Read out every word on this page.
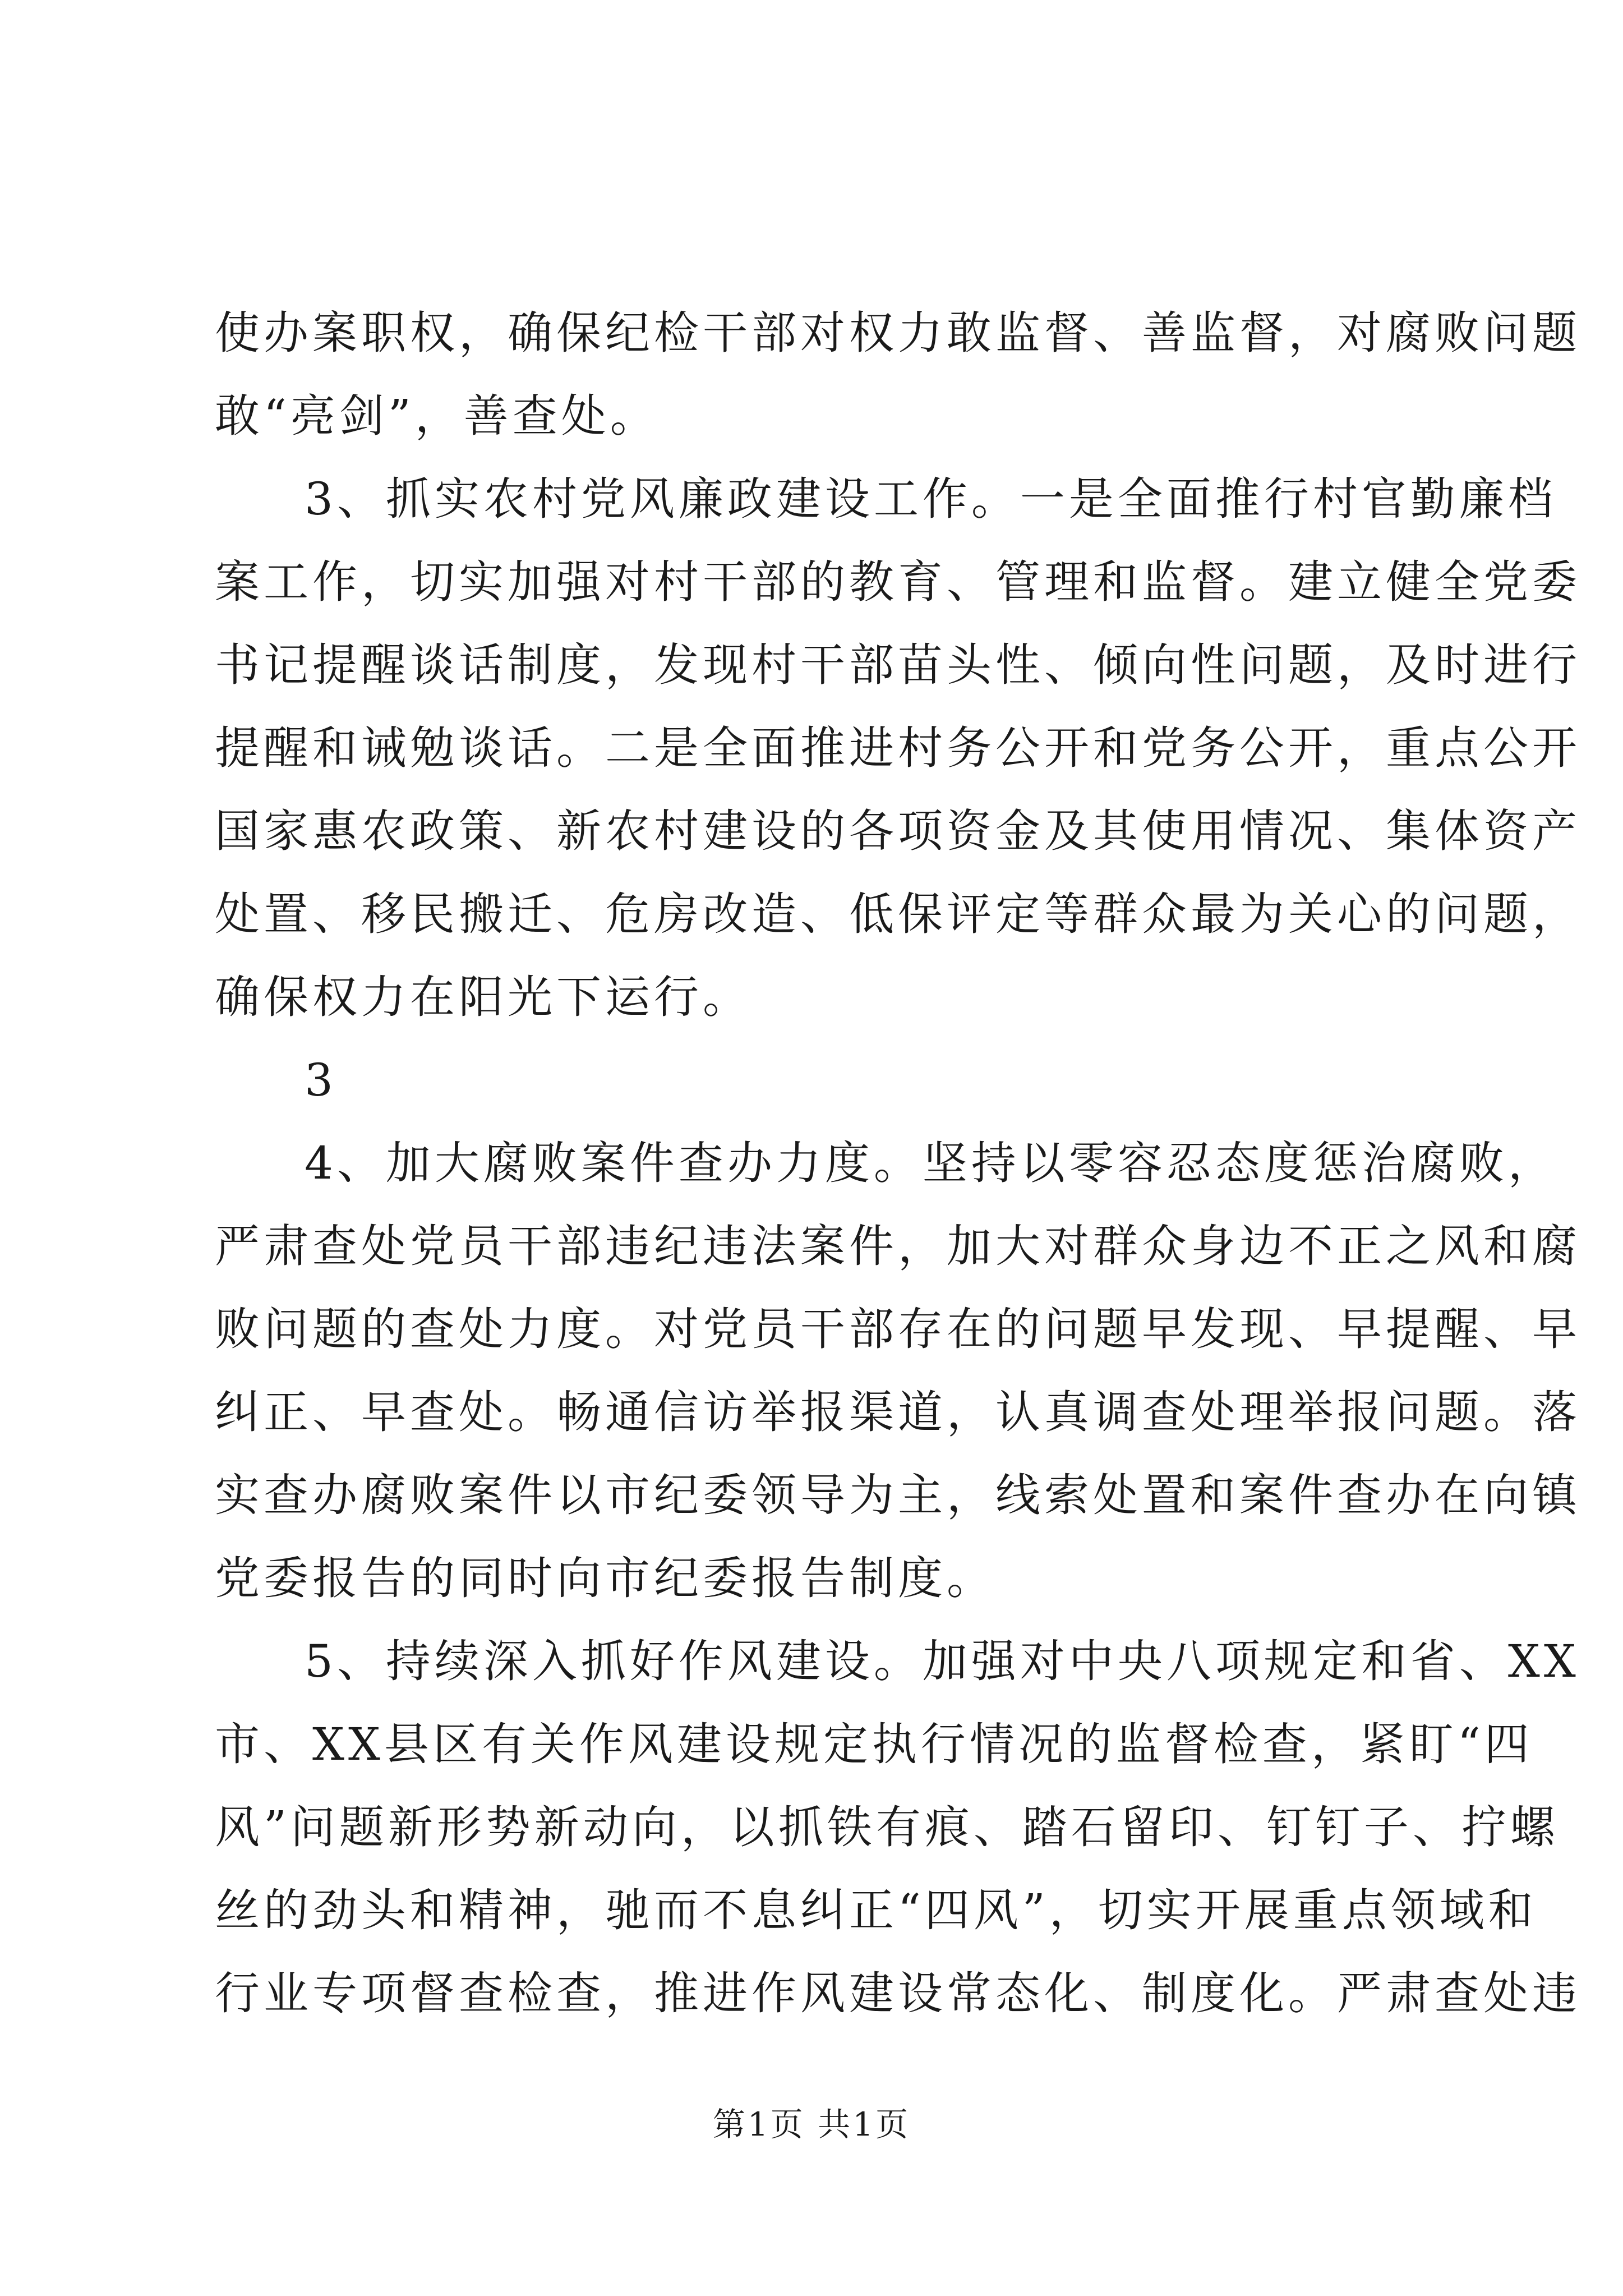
使办案职权，确保纪检干部对权力敢监督、善监督，对腐败问题
敢“亮剑”，善查处。
3、抓实农村党风廉政建设工作。一是全面推行村官勤廉档
案工作，切实加强对村干部的教育、管理和监督。建立健全党委
书记提醒谈话制度，发现村干部苗头性、倾向性问题，及时进行
提醒和诫勉谈话。二是全面推进村务公开和党务公开，重点公开
国家惠农政策、新农村建设的各项资金及其使用情况、集体资产
处置、移民搬迁、危房改造、低保评定等群众最为关心的问题，
确保权力在阳光下运行。
3
4、加大腐败案件查办力度。坚持以零容忍态度惩治腐败，
严肃查处党员干部违纪违法案件，加大对群众身边不正之风和腐
败问题的查处力度。对党员干部存在的问题早发现、早提醒、早
纠正、早查处。畅通信访举报渠道，认真调查处理举报问题。落
实查办腐败案件以市纪委领导为主，线索处置和案件查办在向镇
党委报告的同时向市纪委报告制度。
5、持续深入抓好作风建设。加强对中央八项规定和省、XX
市、XX县区有关作风建设规定执行情况的监督检查，紧盯“四
风”问题新形势新动向，以抓铁有痕、踏石留印、钉钉子、拧螺
丝的劲头和精神，驰而不息纠正“四风”，切实开展重点领域和
行业专项督查检查，推进作风建设常态化、制度化。严肃查处违
第1页 共1页
